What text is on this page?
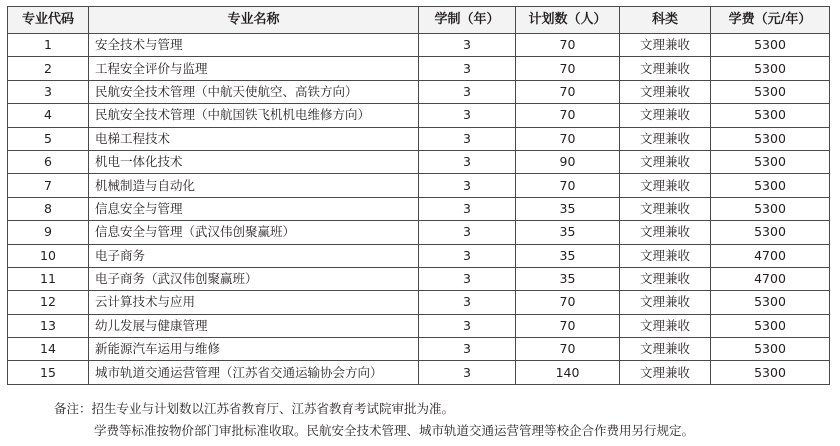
专业代码	专业名称	学制（年）	计划数（人）	科类	学费（元/年）
1	安全技术与管理	3	70	文理兼收	5300
2	工程安全评价与监理	3	70	文理兼收	5300
3	民航安全技术管理（中航天使航空、高铁方向）	3	70	文理兼收	5300
4	民航安全技术管理（中航国铁飞机机电维修方向）	3	70	文理兼收	5300
5	电梯工程技术	3	70	文理兼收	5300
6	机电一体化技术	3	90	文理兼收	5300
7	机械制造与自动化	3	70	文理兼收	5300
8	信息安全与管理	3	35	文理兼收	5300
9	信息安全与管理（武汉伟创聚赢班）	3	35	文理兼收	5300
10	电子商务	3	35	文理兼收	4700
11	电子商务（武汉伟创聚赢班）	3	35	文理兼收	4700
12	云计算技术与应用	3	70	文理兼收	5300
13	幼儿发展与健康管理	3	70	文理兼收	5300
14	新能源汽车运用与维修	3	70	文理兼收	5300
15	城市轨道交通运营管理（江苏省交通运输协会方向）	3	140	文理兼收	5300
备注：招生专业与计划数以江苏省教育厅、江苏省教育考试院审批为准。
学费等标准按物价部门审批标准收取。民航安全技术管理、城市轨道交通运营管理等校企合作费用另行规定。
